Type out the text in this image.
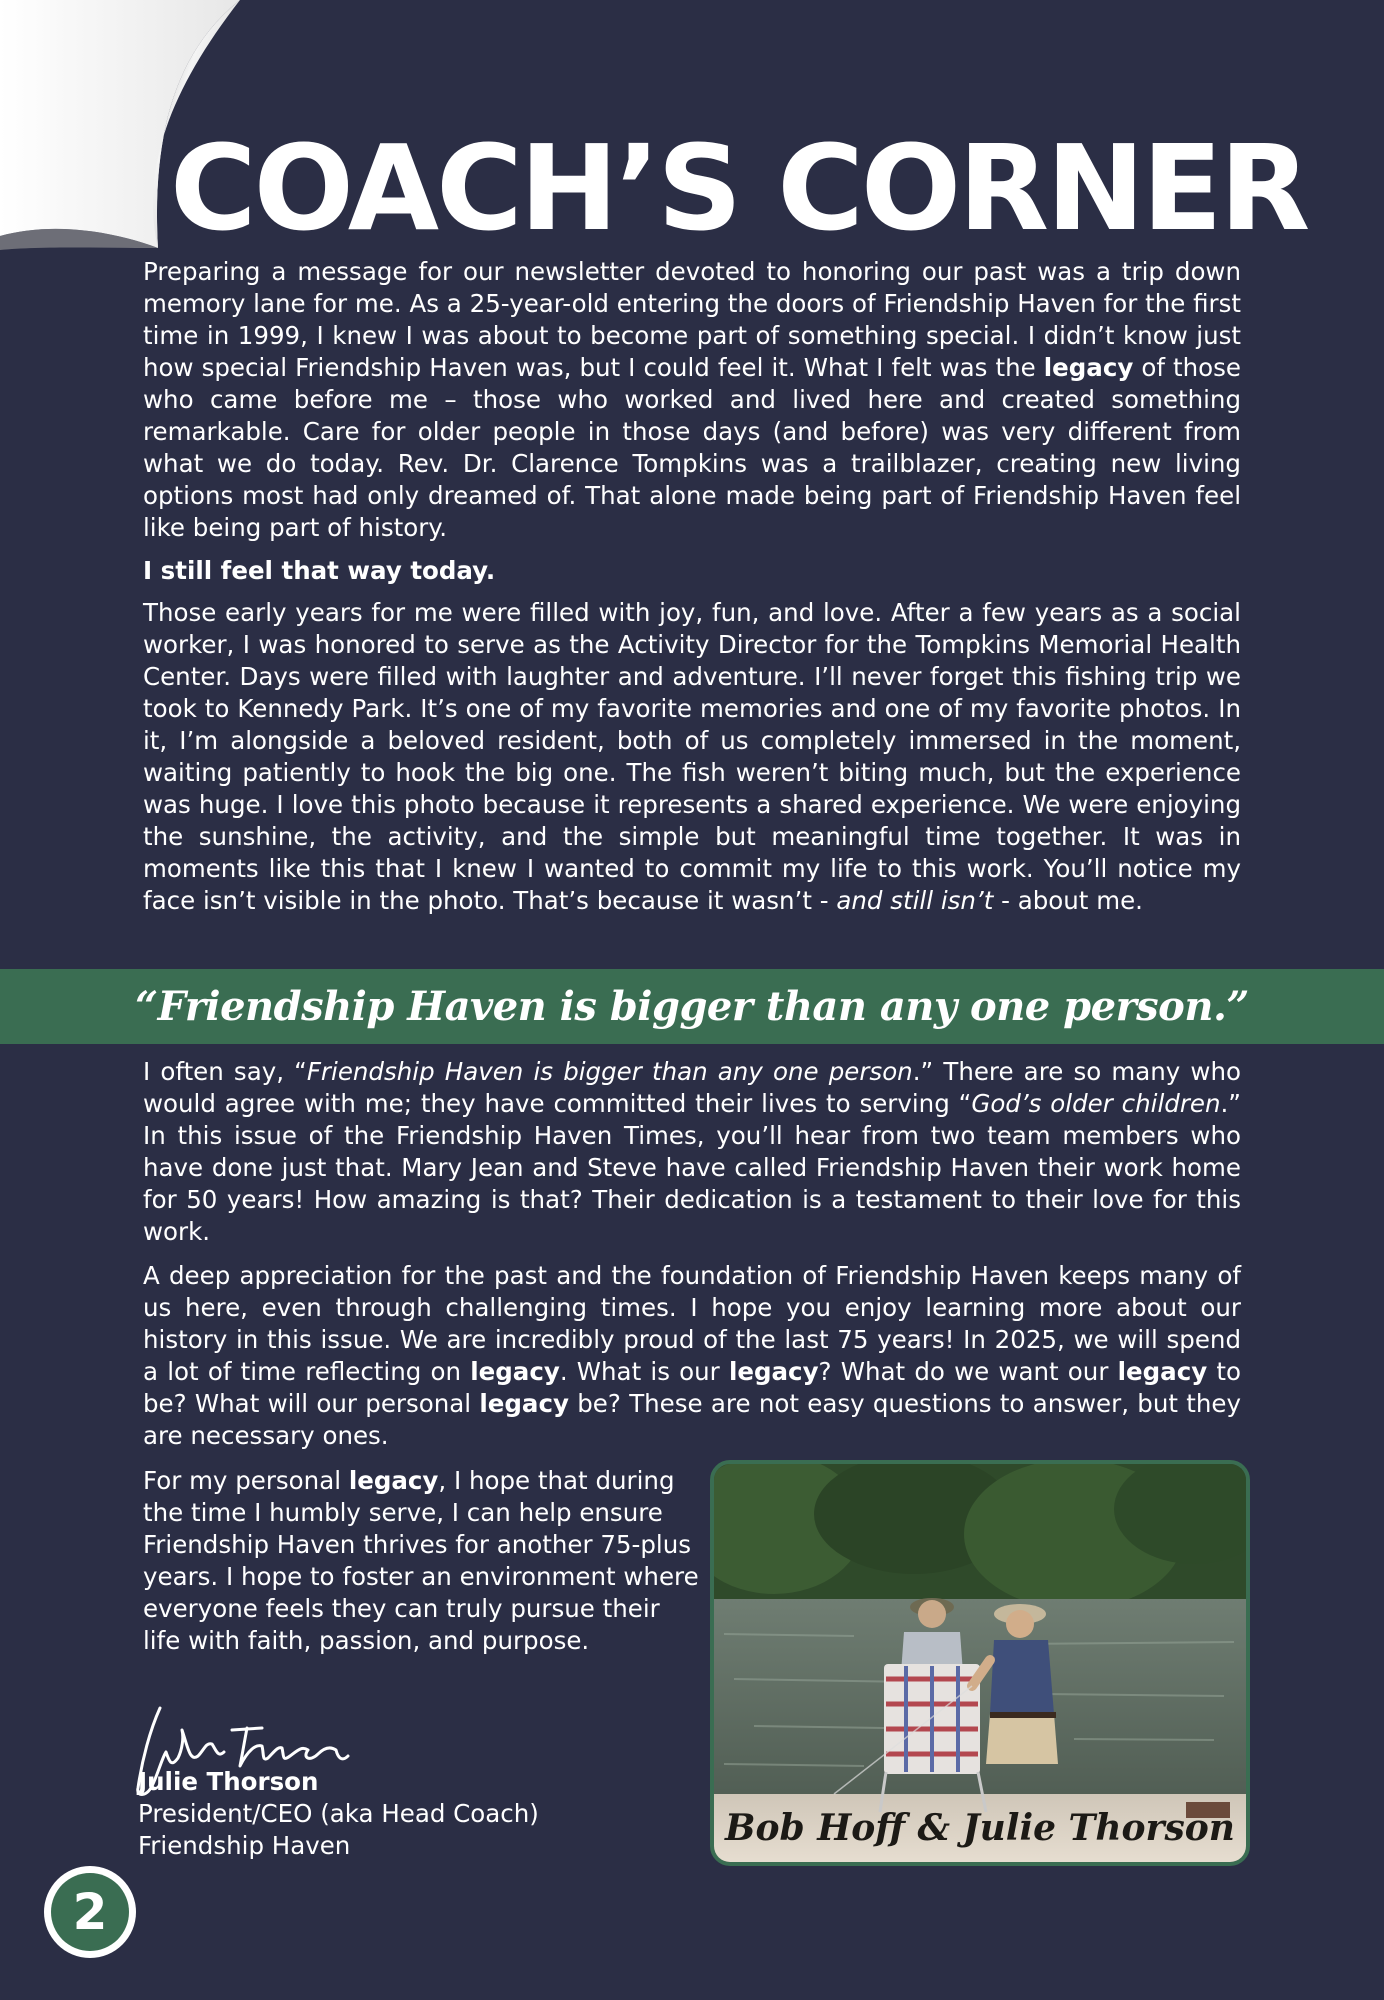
COACH’S CORNER
Preparing a message for our newsletter devoted to honoring our past was a trip down memory lane for me. As a 25-year-old entering the doors of Friendship Haven for the first time in 1999, I knew I was about to become part of something special. I didn’t know just how special Friendship Haven was, but I could feel it. What I felt was the legacy of those who came before me – those who worked and lived here and created something remarkable. Care for older people in those days (and before) was very different from what we do today. Rev. Dr. Clarence Tompkins was a trailblazer, creating new living options most had only dreamed of. That alone made being part of Friendship Haven feel like being part of history.
I still feel that way today.
Those early years for me were filled with joy, fun, and love. After a few years as a social worker, I was honored to serve as the Activity Director for the Tompkins Memorial Health Center. Days were filled with laughter and adventure. I’ll never forget this fishing trip we took to Kennedy Park. It’s one of my favorite memories and one of my favorite photos. In it, I’m alongside a beloved resident, both of us completely immersed in the moment, waiting patiently to hook the big one. The fish weren’t biting much, but the experience was huge. I love this photo because it represents a shared experience. We were enjoying the sunshine, the activity, and the simple but meaningful time together. It was in moments like this that I knew I wanted to commit my life to this work. You’ll notice my face isn’t visible in the photo. That’s because it wasn’t - and still isn’t - about me.
“Friendship Haven is bigger than any one person.”
I often say, “Friendship Haven is bigger than any one person.” There are so many who would agree with me; they have committed their lives to serving “God’s older children.” In this issue of the Friendship Haven Times, you’ll hear from two team members who have done just that. Mary Jean and Steve have called Friendship Haven their work home for 50 years! How amazing is that? Their dedication is a testament to their love for this work.
A deep appreciation for the past and the foundation of Friendship Haven keeps many of us here, even through challenging times. I hope you enjoy learning more about our history in this issue. We are incredibly proud of the last 75 years! In 2025, we will spend a lot of time reflecting on legacy. What is our legacy? What do we want our legacy to be? What will our personal legacy be? These are not easy questions to answer, but they are necessary ones.
For my personal legacy, I hope that during the time I humbly serve, I can help ensure Friendship Haven thrives for another 75-plus years. I hope to foster an environment where everyone feels they can truly pursue their life with faith, passion, and purpose.
Julie Thorson
President/CEO (aka Head Coach)
Friendship Haven	Bob Hoff & Julie Thorson
2
